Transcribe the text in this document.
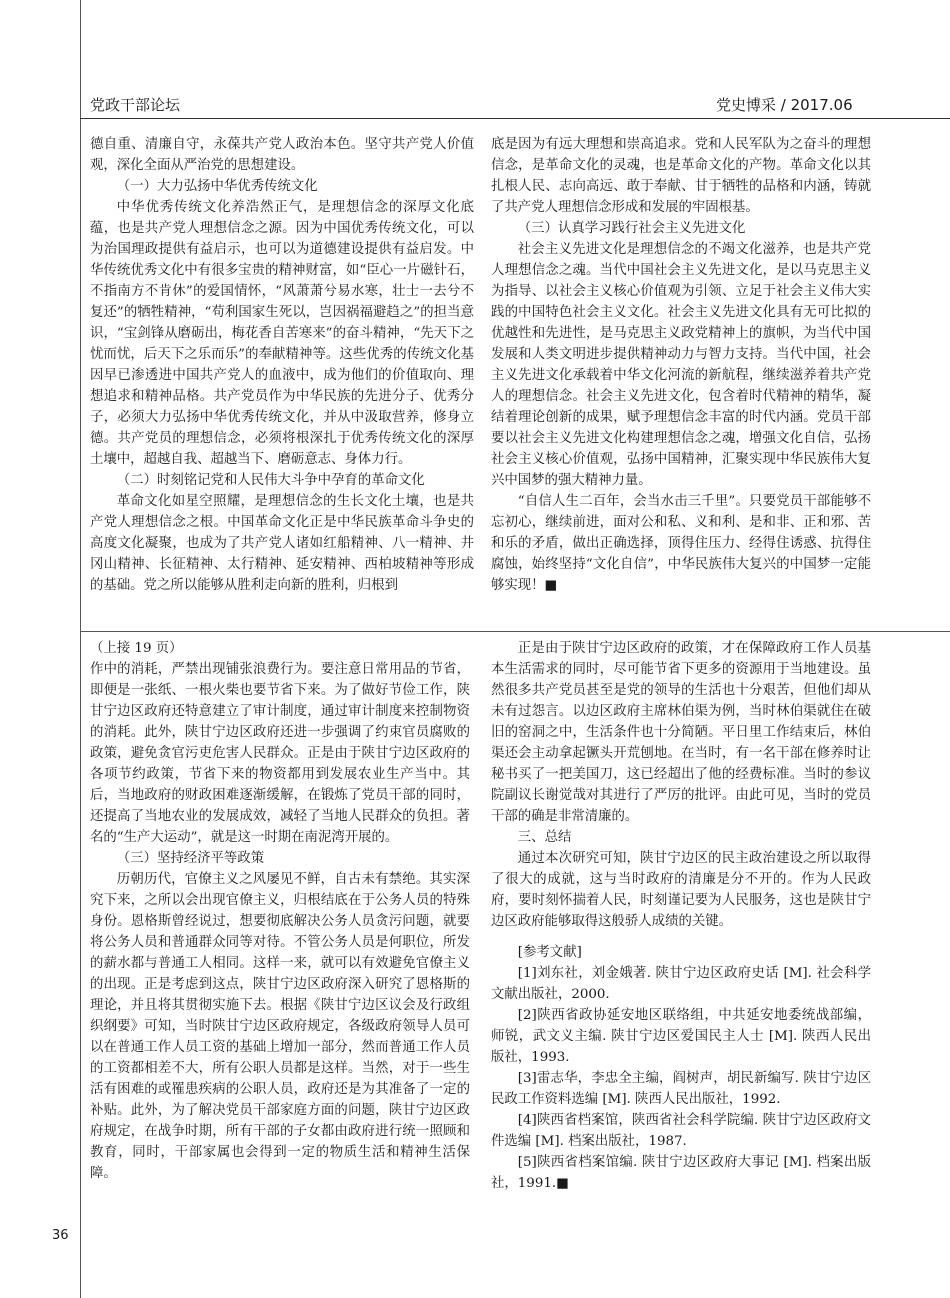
党政干部论坛	党史博采 / 2017.06

德自重、清廉自守，永葆共产党人政治本色。坚守共产党人价值观，深化全面从严治党的思想建设。

（一）大力弘扬中华优秀传统文化

中华优秀传统文化养浩然正气，是理想信念的深厚文化底蕴，也是共产党人理想信念之源。因为中国优秀传统文化，可以为治国理政提供有益启示，也可以为道德建设提供有益启发。中华传统优秀文化中有很多宝贵的精神财富，如“臣心一片磁针石，不指南方不肯休”的爱国情怀，“风萧萧兮易水寒，壮士一去兮不复还”的牺牲精神，“苟利国家生死以，岂因祸福避趋之”的担当意识，“宝剑锋从磨砺出，梅花香自苦寒来”的奋斗精神，“先天下之忧而忧，后天下之乐而乐”的奉献精神等。这些优秀的传统文化基因早已渗透进中国共产党人的血液中，成为他们的价值取向、理想追求和精神品格。共产党员作为中华民族的先进分子、优秀分子，必须大力弘扬中华优秀传统文化，并从中汲取营养，修身立德。共产党员的理想信念，必须将根深扎于优秀传统文化的深厚土壤中，超越自我、超越当下、磨砺意志、身体力行。

（二）时刻铭记党和人民伟大斗争中孕育的革命文化

革命文化如星空照耀，是理想信念的生长文化土壤，也是共产党人理想信念之根。中国革命文化正是中华民族革命斗争史的高度文化凝聚，也成为了共产党人诸如红船精神、八一精神、井冈山精神、长征精神、太行精神、延安精神、西柏坡精神等形成的基础。党之所以能够从胜利走向新的胜利，归根到

底是因为有远大理想和崇高追求。党和人民军队为之奋斗的理想信念，是革命文化的灵魂，也是革命文化的产物。革命文化以其扎根人民、志向高远、敢于奉献、甘于牺牲的品格和内涵，铸就了共产党人理想信念形成和发展的牢固根基。

（三）认真学习践行社会主义先进文化

社会主义先进文化是理想信念的不竭文化滋养，也是共产党人理想信念之魂。当代中国社会主义先进文化，是以马克思主义为指导、以社会主义核心价值观为引领、立足于社会主义伟大实践的中国特色社会主义文化。社会主义先进文化具有无可比拟的优越性和先进性，是马克思主义政党精神上的旗帜，为当代中国发展和人类文明进步提供精神动力与智力支持。当代中国，社会主义先进文化承载着中华文化河流的新航程，继续滋养着共产党人的理想信念。社会主义先进文化，包含着时代精神的精华，凝结着理论创新的成果，赋予理想信念丰富的时代内涵。党员干部要以社会主义先进文化构建理想信念之魂，增强文化自信，弘扬社会主义核心价值观，弘扬中国精神，汇聚实现中华民族伟大复兴中国梦的强大精神力量。

“自信人生二百年，会当水击三千里”。只要党员干部能够不忘初心，继续前进，面对公和私、义和利、是和非、正和邪、苦和乐的矛盾，做出正确选择，顶得住压力、经得住诱惑、抗得住腐蚀，始终坚持“文化自信”，中华民族伟大复兴的中国梦一定能够实现！■

（上接 19 页）

作中的消耗，严禁出现铺张浪费行为。要注意日常用品的节省，即便是一张纸、一根火柴也要节省下来。为了做好节俭工作，陕甘宁边区政府还特意建立了审计制度，通过审计制度来控制物资的消耗。此外，陕甘宁边区政府还进一步强调了约束官员腐败的政策，避免贪官污吏危害人民群众。正是由于陕甘宁边区政府的各项节约政策，节省下来的物资都用到发展农业生产当中。其后，当地政府的财政困难逐渐缓解，在锻炼了党员干部的同时，还提高了当地农业的发展成效，减轻了当地人民群众的负担。著名的“生产大运动”，就是这一时期在南泥湾开展的。

（三）坚持经济平等政策

历朝历代，官僚主义之风屡见不鲜，自古未有禁绝。其实深究下来，之所以会出现官僚主义，归根结底在于公务人员的特殊身份。恩格斯曾经说过，想要彻底解决公务人员贪污问题，就要将公务人员和普通群众同等对待。不管公务人员是何职位，所发的薪水都与普通工人相同。这样一来，就可以有效避免官僚主义的出现。正是考虑到这点，陕甘宁边区政府深入研究了恩格斯的理论，并且将其贯彻实施下去。根据《陕甘宁边区议会及行政组织纲要》可知，当时陕甘宁边区政府规定，各级政府领导人员可以在普通工作人员工资的基础上增加一部分，然而普通工作人员的工资都相差不大，所有公职人员都是这样。当然，对于一些生活有困难的或罹患疾病的公职人员，政府还是为其准备了一定的补贴。此外，为了解决党员干部家庭方面的问题，陕甘宁边区政府规定，在战争时期，所有干部的子女都由政府进行统一照顾和教育，同时，干部家属也会得到一定的物质生活和精神生活保障。

正是由于陕甘宁边区政府的政策，才在保障政府工作人员基本生活需求的同时，尽可能节省下更多的资源用于当地建设。虽然很多共产党员甚至是党的领导的生活也十分艰苦，但他们却从未有过怨言。以边区政府主席林伯渠为例，当时林伯渠就住在破旧的窑洞之中，生活条件也十分简陋。平日里工作结束后，林伯渠还会主动拿起镢头开荒刨地。在当时，有一名干部在修养时让秘书买了一把美国刀，这已经超出了他的经费标准。当时的参议院副议长谢觉哉对其进行了严厉的批评。由此可见，当时的党员干部的确是非常清廉的。

三、总结

通过本次研究可知，陕甘宁边区的民主政治建设之所以取得了很大的成就，这与当时政府的清廉是分不开的。作为人民政府，要时刻怀揣着人民，时刻谨记要为人民服务，这也是陕甘宁边区政府能够取得这般骄人成绩的关键。

[参考文献]

[1]刘东社，刘金娥著. 陕甘宁边区政府史话 [M]. 社会科学文献出版社，2000.

[2]陕西省政协延安地区联络组，中共延安地委统战部编，师锐，武文义主编. 陕甘宁边区爱国民主人士 [M]. 陕西人民出版社，1993.

[3]雷志华，李忠全主编，阎树声，胡民新编写. 陕甘宁边区民政工作资料选编 [M]. 陕西人民出版社，1992.

[4]陕西省档案馆，陕西省社会科学院编. 陕甘宁边区政府文件选编 [M]. 档案出版社，1987.

[5]陕西省档案馆编. 陕甘宁边区政府大事记 [M]. 档案出版社，1991.■

36
